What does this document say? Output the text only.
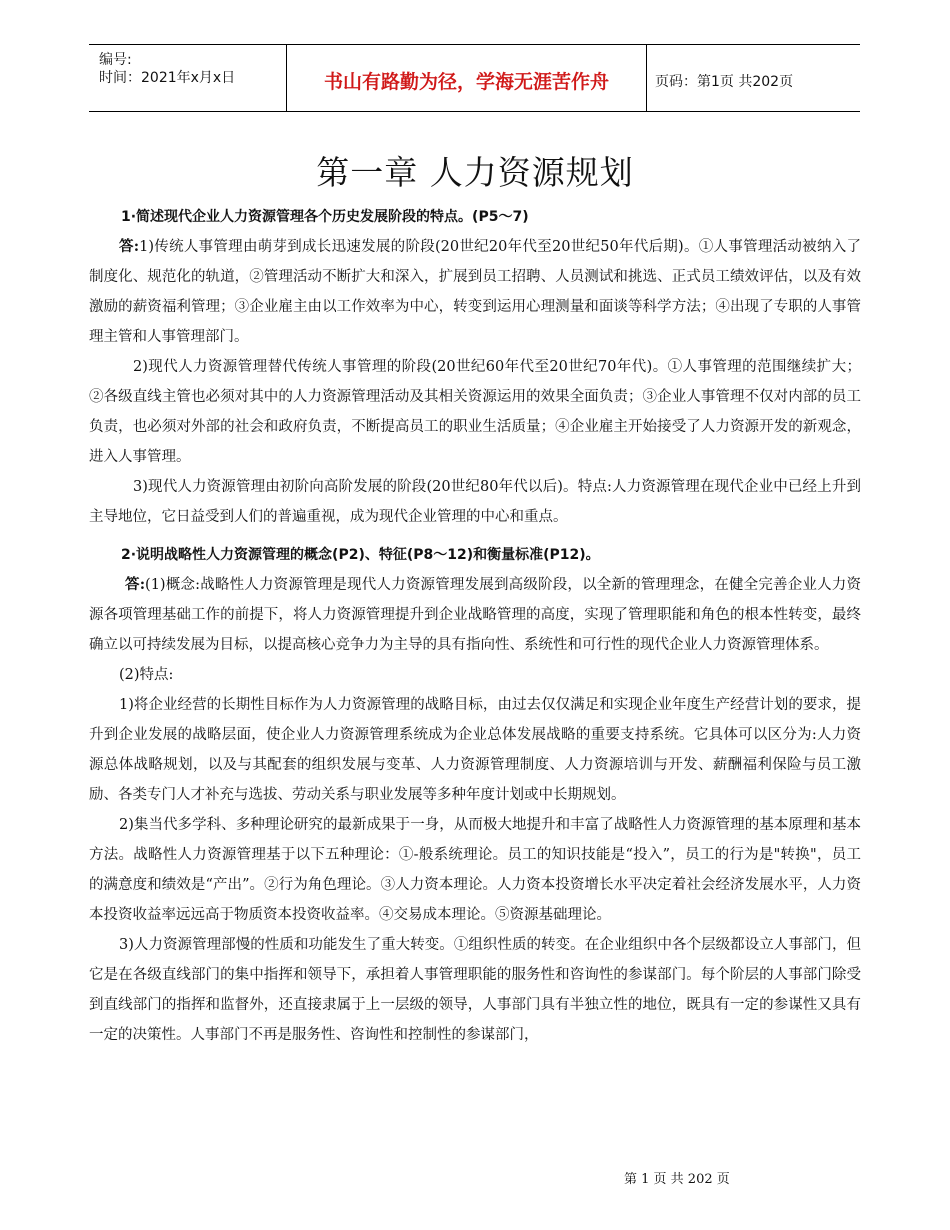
编号:
时间：2021年x月x日	书山有路勤为径，学海无涯苦作舟	页码：第1页 共202页
第一章 人力资源规划
1·简述现代企业人力资源管理各个历史发展阶段的特点。(P5～7)

答:1)传统人事管理由萌芽到成长迅速发展的阶段(20世纪20年代至20世纪50年代后期)。①人事管理活动被纳入了制度化、规范化的轨道，②管理活动不断扩大和深入，扩展到员工招聘、人员测试和挑选、正式员工绩效评估，以及有效激励的薪资福利管理；③企业雇主由以工作效率为中心，转变到运用心理测量和面谈等科学方法；④出现了专职的人事管理主管和人事管理部门。

2)现代人力资源管理替代传统人事管理的阶段(20世纪60年代至20世纪70年代)。①人事管理的范围继续扩大； ②各级直线主管也必须对其中的人力资源管理活动及其相关资源运用的效果全面负责；③企业人事管理不仅对内部的员工负责，也必须对外部的社会和政府负责，不断提高员工的职业生活质量；④企业雇主开始接受了人力资源开发的新观念，进入人事管理。

3)现代人力资源管理由初阶向高阶发展的阶段(20世纪80年代以后)。特点:人力资源管理在现代企业中已经上升到主导地位，它日益受到人们的普遍重视，成为现代企业管理的中心和重点。

2·说明战略性人力资源管理的概念(P2)、特征(P8～12)和衡量标准(P12)。

答:(1)概念:战略性人力资源管理是现代人力资源管理发展到高级阶段，以全新的管理理念，在健全完善企业人力资源各项管理基础工作的前提下，将人力资源管理提升到企业战略管理的高度，实现了管理职能和角色的根本性转变，最终确立以可持续发展为目标，以提高核心竞争力为主导的具有指向性、系统性和可行性的现代企业人力资源管理体系。

(2)特点:

1)将企业经营的长期性目标作为人力资源管理的战略目标，由过去仅仅满足和实现企业年度生产经营计划的要求，提升到企业发展的战略层面，使企业人力资源管理系统成为企业总体发展战略的重要支持系统。它具体可以区分为:人力资源总体战略规划，以及与其配套的组织发展与变革、人力资源管理制度、人力资源培训与开发、薪酬福利保险与员工激励、各类专门人才补充与选拔、劳动关系与职业发展等多种年度计划或中长期规划。

2)集当代多学科、多种理论研究的最新成果于一身，从而极大地提升和丰富了战略性人力资源管理的基本原理和基本方法。战略性人力资源管理基于以下五种理论：①-般系统理论。员工的知识技能是“投入”，员工的行为是"转换"，员工的满意度和绩效是“产出”。②行为角色理论。③人力资本理论。人力资本投资增长水平决定着社会经济发展水平，人力资本投资收益率远远高于物质资本投资收益率。④交易成本理论。⑤资源基础理论。

3)人力资源管理部慢的性质和功能发生了重大转变。①组织性质的转变。在企业组织中各个层级都设立人事部门，但它是在各级直线部门的集中指挥和领导下，承担着人事管理职能的服务性和咨询性的参谋部门。每个阶层的人事部门除受到直线部门的指挥和监督外，还直接隶属于上一层级的领导，人事部门具有半独立性的地位，既具有一定的参谋性又具有一定的决策性。人事部门不再是服务性、咨询性和控制性的参谋部门，

第 1 页 共 202 页
